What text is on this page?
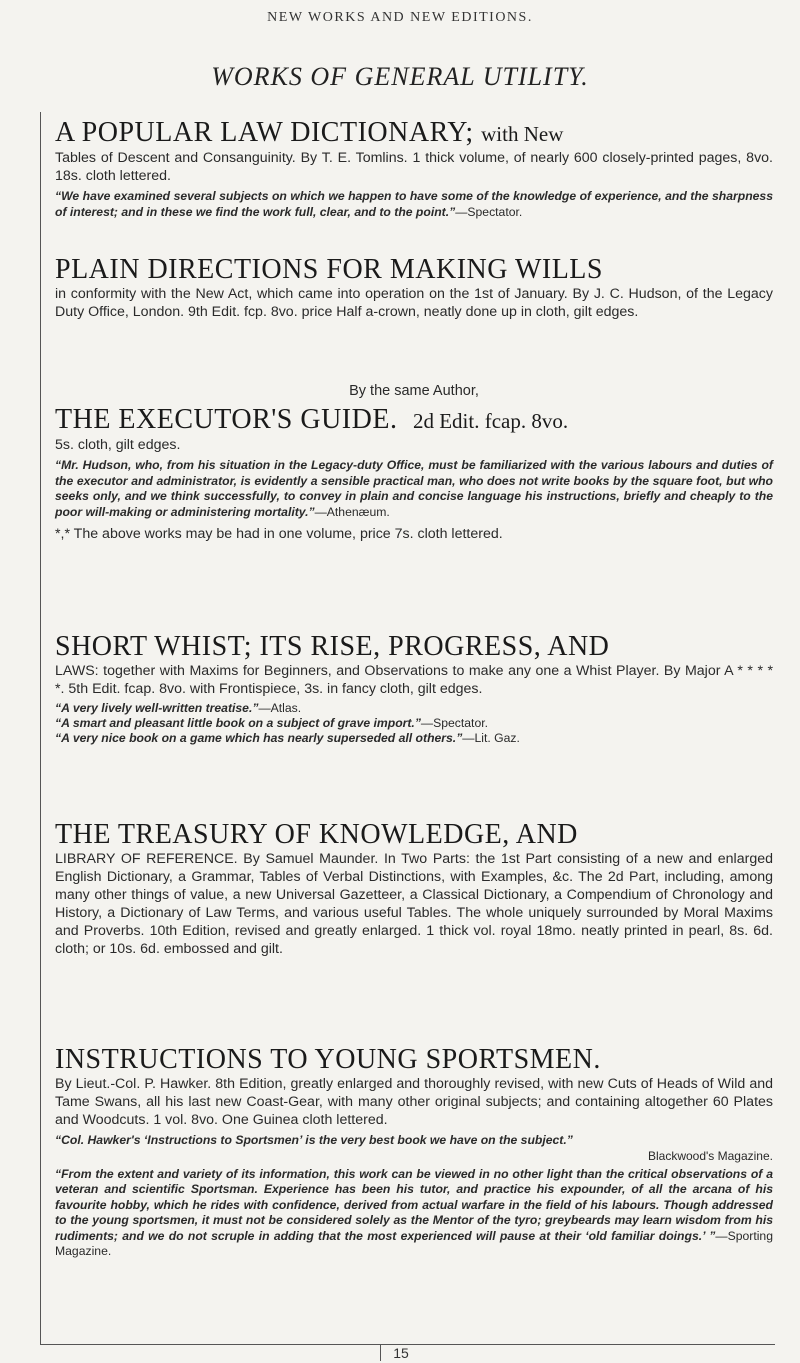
NEW WORKS AND NEW EDITIONS.
WORKS OF GENERAL UTILITY.
A POPULAR LAW DICTIONARY; with New
Tables of Descent and Consanguinity. By T. E. Tomlins. 1 thick volume, of nearly 600 closely-printed pages, 8vo. 18s. cloth lettered.
“We have examined several subjects on which we happen to have some of the knowledge of experience, and the sharpness of interest; and in these we find the work full, clear, and to the point.”—Spectator.
PLAIN DIRECTIONS FOR MAKING WILLS
in conformity with the New Act, which came into operation on the 1st of January. By J. C. Hudson, of the Legacy Duty Office, London. 9th Edit. fcp. 8vo. price Half a-crown, neatly done up in cloth, gilt edges.
By the same Author,
THE EXECUTOR'S GUIDE. 2d Edit. fcap. 8vo.
5s. cloth, gilt edges.
“Mr. Hudson, who, from his situation in the Legacy-duty Office, must be familiarized with the various labours and duties of the executor and administrator, is evidently a sensible practical man, who does not write books by the square foot, but who seeks only, and we think successfully, to convey in plain and concise language his instructions, briefly and cheaply to the poor will-making or administering mortality.”—Athenæum.
*,* The above works may be had in one volume, price 7s. cloth lettered.
SHORT WHIST; ITS RISE, PROGRESS, AND
LAWS: together with Maxims for Beginners, and Observations to make any one a Whist Player. By Major A * * * * *. 5th Edit. fcap. 8vo. with Frontispiece, 3s. in fancy cloth, gilt edges.
“A very lively well-written treatise.”—Atlas.
“A smart and pleasant little book on a subject of grave import.”—Spectator.
“A very nice book on a game which has nearly superseded all others.”—Lit. Gaz.
THE TREASURY OF KNOWLEDGE, AND
LIBRARY OF REFERENCE. By Samuel Maunder. In Two Parts: the 1st Part consisting of a new and enlarged English Dictionary, a Grammar, Tables of Verbal Distinctions, with Examples, &c. The 2d Part, including, among many other things of value, a new Universal Gazetteer, a Classical Dictionary, a Compendium of Chronology and History, a Dictionary of Law Terms, and various useful Tables. The whole uniquely surrounded by Moral Maxims and Proverbs. 10th Edition, revised and greatly enlarged. 1 thick vol. royal 18mo. neatly printed in pearl, 8s. 6d. cloth; or 10s. 6d. embossed and gilt.
INSTRUCTIONS TO YOUNG SPORTSMEN.
By Lieut.-Col. P. Hawker. 8th Edition, greatly enlarged and thoroughly revised, with new Cuts of Heads of Wild and Tame Swans, all his last new Coast-Gear, with many other original subjects; and containing altogether 60 Plates and Woodcuts. 1 vol. 8vo. One Guinea cloth lettered.
“Col. Hawker's ‘Instructions to Sportsmen’ is the very best book we have on the subject.”
Blackwood's Magazine.
“From the extent and variety of its information, this work can be viewed in no other light than the critical observations of a veteran and scientific Sportsman. Experience has been his tutor, and practice his expounder, of all the arcana of his favourite hobby, which he rides with confidence, derived from actual warfare in the field of his labours. Though addressed to the young sportsmen, it must not be considered solely as the Mentor of the tyro; greybeards may learn wisdom from his rudiments; and we do not scruple in adding that the most experienced will pause at their ‘old familiar doings.’ ”—Sporting Magazine.
15
